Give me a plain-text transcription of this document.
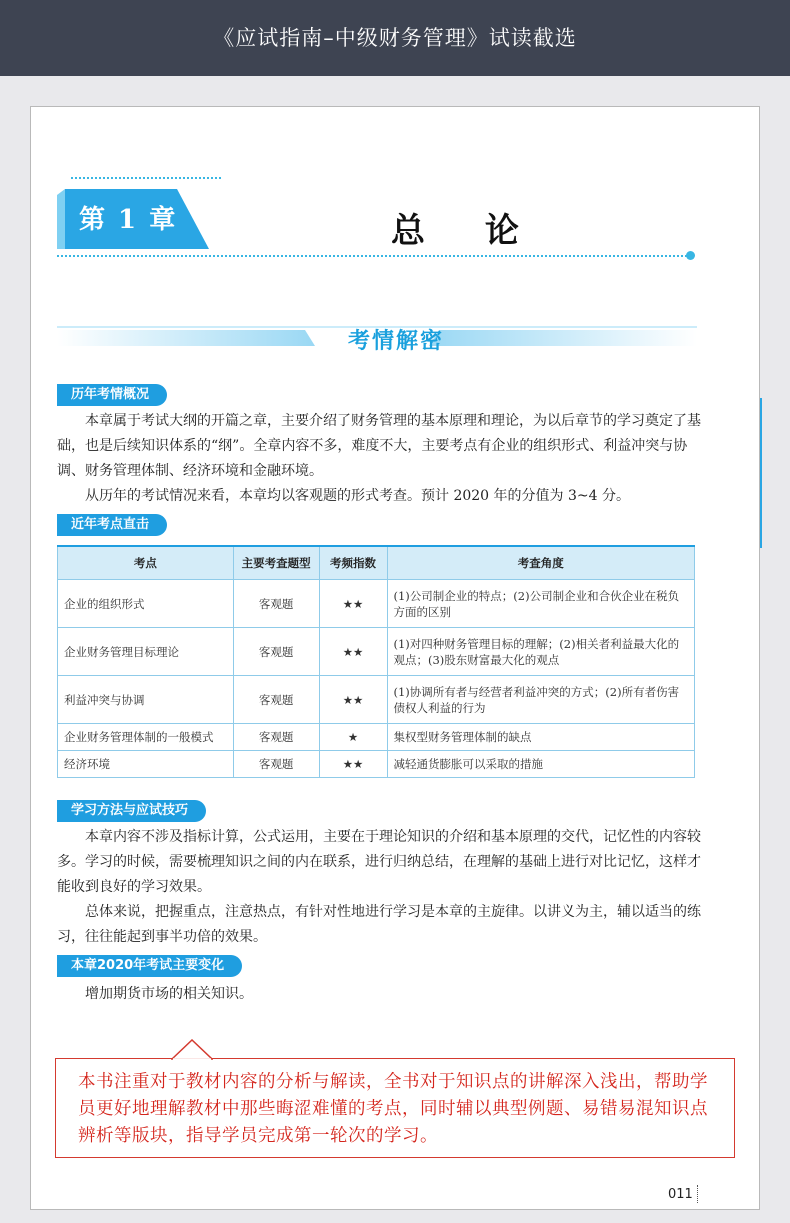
《应试指南–中级财务管理》试读截选
第 1 章	总 论
考情解密
历年考情概况

本章属于考试大纲的开篇之章，主要介绍了财务管理的基本原理和理论，为以后章节的学习奠定了基础，也是后续知识体系的“纲”。全章内容不多，难度不大，主要考点有企业的组织形式、利益冲突与协调、财务管理体制、经济环境和金融环境。

从历年的考试情况来看，本章均以客观题的形式考查。预计 2020 年的分值为 3~4 分。

近年考点直击
考点	主要考查题型	考频指数	考查角度
企业的组织形式	客观题	★★	(1)公司制企业的特点；(2)公司制企业和合伙企业在税负方面的区别
企业财务管理目标理论	客观题	★★	(1)对四种财务管理目标的理解；(2)相关者利益最大化的观点；(3)股东财富最大化的观点
利益冲突与协调	客观题	★★	(1)协调所有者与经营者利益冲突的方式；(2)所有者伤害债权人利益的行为
企业财务管理体制的一般模式	客观题	★	集权型财务管理体制的缺点
经济环境	客观题	★★	减轻通货膨胀可以采取的措施
学习方法与应试技巧

本章内容不涉及指标计算，公式运用，主要在于理论知识的介绍和基本原理的交代，记忆性的内容较多。学习的时候，需要梳理知识之间的内在联系，进行归纳总结，在理解的基础上进行对比记忆，这样才能收到良好的学习效果。

总体来说，把握重点，注意热点，有针对性地进行学习是本章的主旋律。以讲义为主，辅以适当的练习，往往能起到事半功倍的效果。

本章2020年考试主要变化

增加期货市场的相关知识。

本书注重对于教材内容的分析与解读，全书对于知识点的讲解深入浅出，帮助学员更好地理解教材中那些晦涩难懂的考点，同时辅以典型例题、易错易混知识点辨析等版块，指导学员完成第一轮次的学习。

011
